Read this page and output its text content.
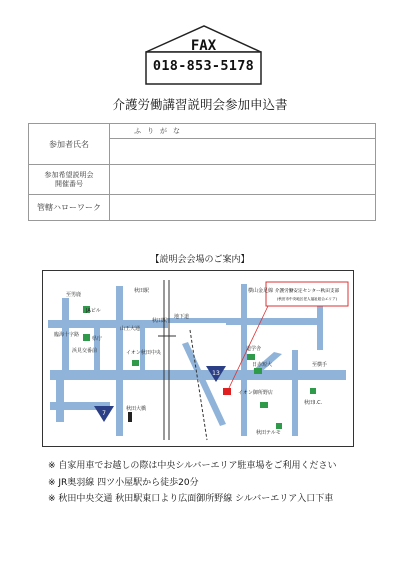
FAX
018-853-5178
介護労働講習説明会参加申込書
参加者氏名	ふりがな

参加希望説明会
開催番号	

管轄ハローワーク	
【説明会会場のご案内】
13
7
介護労働安定センター秋田支部
(秋田市中央地区老人福祉総合エリア)
至男鹿
JAビル
県庁
臨海十字路
浜見交番前
秋田駅
山王大通
秋田駅
地下道
イオン秋田中央
秋田大橋
横山金足線
道学舎
日赤短大
イオン御所野店
至横手
秋田I.C.
秋田テルモ
※ 自家用車でお越しの際は中央シルバーエリア駐車場をご利用ください
※ JR奥羽線 四ツ小屋駅から徒歩20分
※ 秋田中央交通 秋田駅東口より広面御所野線 シルバーエリア入口下車
